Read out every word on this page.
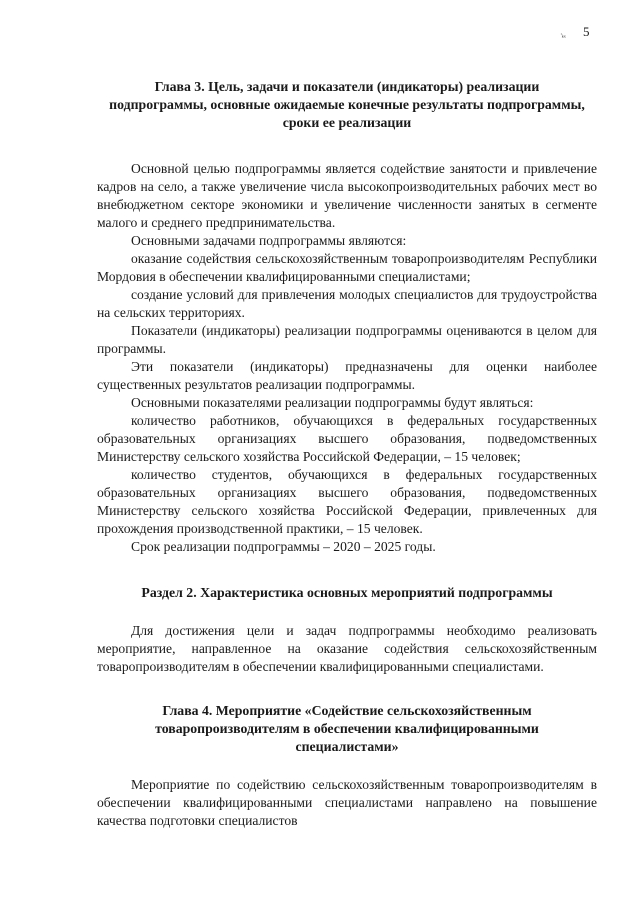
·ᵢᵤₓ 5

Глава 3. Цель, задачи и показатели (индикаторы) реализации подпрограммы, основные ожидаемые конечные результаты подпрограммы, сроки ее реализации

Основной целью подпрограммы является содействие занятости и привлечение кадров на село, а также увеличение числа высокопроизводительных рабочих мест во внебюджетном секторе экономики и увеличение численности занятых в сегменте малого и среднего предпринимательства.

Основными задачами подпрограммы являются:

оказание содействия сельскохозяйственным товаропроизводителям Республики Мордовия в обеспечении квалифицированными специалистами;

создание условий для привлечения молодых специалистов для трудоустройства на сельских территориях.

Показатели (индикаторы) реализации подпрограммы оцениваются в целом для программы.

Эти показатели (индикаторы) предназначены для оценки наиболее существенных результатов реализации подпрограммы.

Основными показателями реализации подпрограммы будут являться:

количество работников, обучающихся в федеральных государственных образовательных организациях высшего образования, подведомственных Министерству сельского хозяйства Российской Федерации, – 15 человек;

количество студентов, обучающихся в федеральных государственных образовательных организациях высшего образования, подведомственных Министерству сельского хозяйства Российской Федерации, привлеченных для прохождения производственной практики, – 15 человек.

Срок реализации подпрограммы – 2020 – 2025 годы.

Раздел 2. Характеристика основных мероприятий подпрограммы

Для достижения цели и задач подпрограммы необходимо реализовать мероприятие, направленное на оказание содействия сельскохозяйственным товаропроизводителям в обеспечении квалифицированными специалистами.

Глава 4. Мероприятие «Содействие сельскохозяйственным товаропроизводителям в обеспечении квалифицированными специалистами»

Мероприятие по содействию сельскохозяйственным товаропроизводителям в обеспечении квалифицированными специалистами направлено на повышение качества подготовки специалистов
